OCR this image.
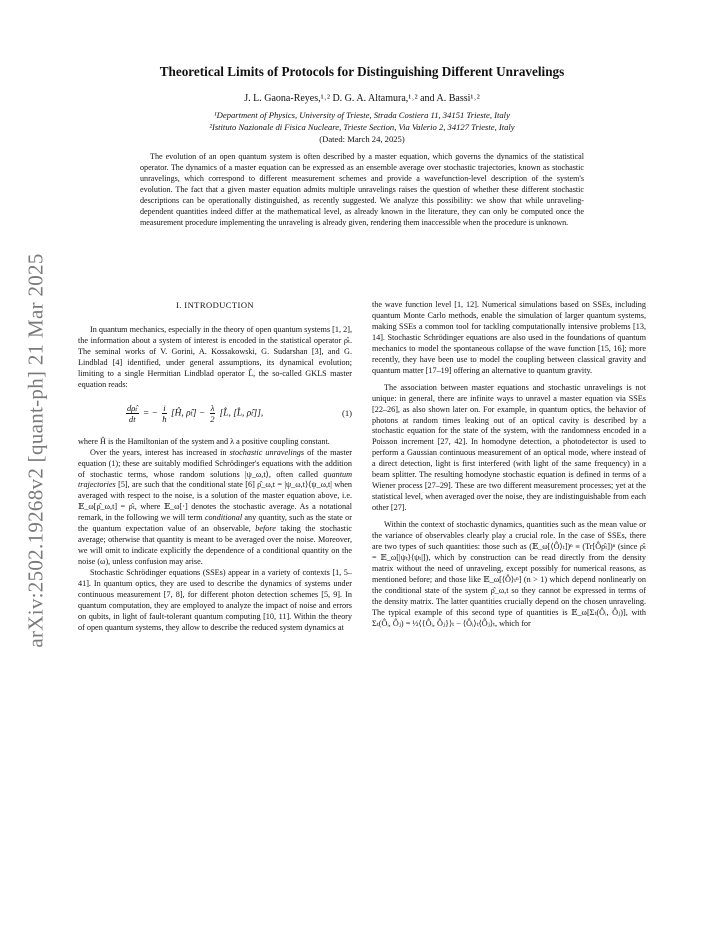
arXiv:2502.19268v2 [quant-ph] 21 Mar 2025
Theoretical Limits of Protocols for Distinguishing Different Unravelings
J. L. Gaona-Reyes,¹˒² D. G. A. Altamura,¹˒² and A. Bassi¹˒²
¹Department of Physics, University of Trieste, Strada Costiera 11, 34151 Trieste, Italy
²Istituto Nazionale di Fisica Nucleare, Trieste Section, Via Valerio 2, 34127 Trieste, Italy
(Dated: March 24, 2025)
The evolution of an open quantum system is often described by a master equation, which governs the dynamics of the statistical operator. The dynamics of a master equation can be expressed as an ensemble average over stochastic trajectories, known as stochastic unravelings, which correspond to different measurement schemes and provide a wavefunction-level description of the system's evolution. The fact that a given master equation admits multiple unravelings raises the question of whether these different stochastic descriptions can be operationally distinguished, as recently suggested. We analyze this possibility: we show that while unraveling-dependent quantities indeed differ at the mathematical level, as already known in the literature, they can only be computed once the measurement procedure implementing the unraveling is already given, rendering them inaccessible when the procedure is unknown.
I. INTRODUCTION

In quantum mechanics, especially in the theory of open quantum systems [1, 2], the information about a system of interest is encoded in the statistical operator ρ̂ₜ. The seminal works of V. Gorini, A. Kossakowski, G. Sudarshan [3], and G. Lindblad [4] identified, under general assumptions, its dynamical evolution; limiting to a single Hermitian Lindblad operator L̂, the so-called GKLS master equation reads:

$\frac{\text{dρ̂ₜ}}{dt}$ = − $\frac{i}{ħ}$ [Ĥ, ρ̂ₜ] − $\frac{\lambda}{2}$ [L̂, [L̂, ρ̂ₜ]],	(1)

where Ĥ is the Hamiltonian of the system and λ a positive coupling constant.

Over the years, interest has increased in stochastic unravelings of the master equation (1); these are suitably modified Schrödinger's equations with the addition of stochastic terms, whose random solutions |ψ_ω,t⟩, often called quantum trajectories [5], are such that the conditional state [6] ρ̂_ω,t = |ψ_ω,t⟩⟨ψ_ω,t| when averaged with respect to the noise, is a solution of the master equation above, i.e. 𝔼_ω[ρ̂_ω,t] = ρ̂ₜ, where 𝔼_ω[·] denotes the stochastic average. As a notational remark, in the following we will term conditional any quantity, such as the state or the quantum expectation value of an observable, before taking the stochastic average; otherwise that quantity is meant to be averaged over the noise. Moreover, we will omit to indicate explicitly the dependence of a conditional quantity on the noise (ω), unless confusion may arise.

Stochastic Schrödinger equations (SSEs) appear in a variety of contexts [1, 5–41]. In quantum optics, they are used to describe the dynamics of systems under continuous measurement [7, 8], for different photon detection schemes [5, 9]. In quantum computation, they are employed to analyze the impact of noise and errors on qubits, in light of fault-tolerant quantum computing [10, 11]. Within the theory of open quantum systems, they allow to describe the reduced system dynamics at

the wave function level [1, 12]. Numerical simulations based on SSEs, including quantum Monte Carlo methods, enable the simulation of larger quantum systems, making SSEs a common tool for tackling computationally intensive problems [13, 14]. Stochastic Schrödinger equations are also used in the foundations of quantum mechanics to model the spontaneous collapse of the wave function [15, 16]; more recently, they have been use to model the coupling between classical gravity and quantum matter [17–19] offering an alternative to quantum gravity.

The association between master equations and stochastic unravelings is not unique: in general, there are infinite ways to unravel a master equation via SSEs [22–26], as also shown later on. For example, in quantum optics, the behavior of photons at random times leaking out of an optical cavity is described by a stochastic equation for the state of the system, with the randomness encoded in a Poisson increment [27, 42]. In homodyne detection, a photodetector is used to perform a Gaussian continuous measurement of an optical mode, where instead of a direct detection, light is first interfered (with light of the same frequency) in a beam splitter. The resulting homodyne stochastic equation is defined in terms of a Wiener process [27–29]. These are two different measurement processes; yet at the statistical level, when averaged over the noise, they are indistinguishable from each other [27].

Within the context of stochastic dynamics, quantities such as the mean value or the variance of observables clearly play a crucial role. In the case of SSEs, there are two types of such quantities: those such as (𝔼_ω[⟨Ô⟩ₜ])ⁿ ≡ (Tr[Ôρ̂ₜ])ⁿ (since ρ̂ₜ = 𝔼_ω[|ψₜ⟩⟨ψₜ|]), which by construction can be read directly from the density matrix without the need of unraveling, except possibly for numerical reasons, as mentioned before; and those like 𝔼_ω[⟨Ô⟩ₜⁿ] (n > 1) which depend nonlinearly on the conditional state of the system ρ̂_ω,t so they cannot be expressed in terms of the density matrix. The latter quantities crucially depend on the chosen unraveling. The typical example of this second type of quantities is 𝔼_ω[Σₜ(Ôᵢ, Ôⱼ)], with Σₜ(Ôᵢ, Ôⱼ) = ½⟨{Ôᵢ, Ôⱼ}⟩ₜ − ⟨Ôᵢ⟩ₜ⟨Ôⱼ⟩ₜ, which for
